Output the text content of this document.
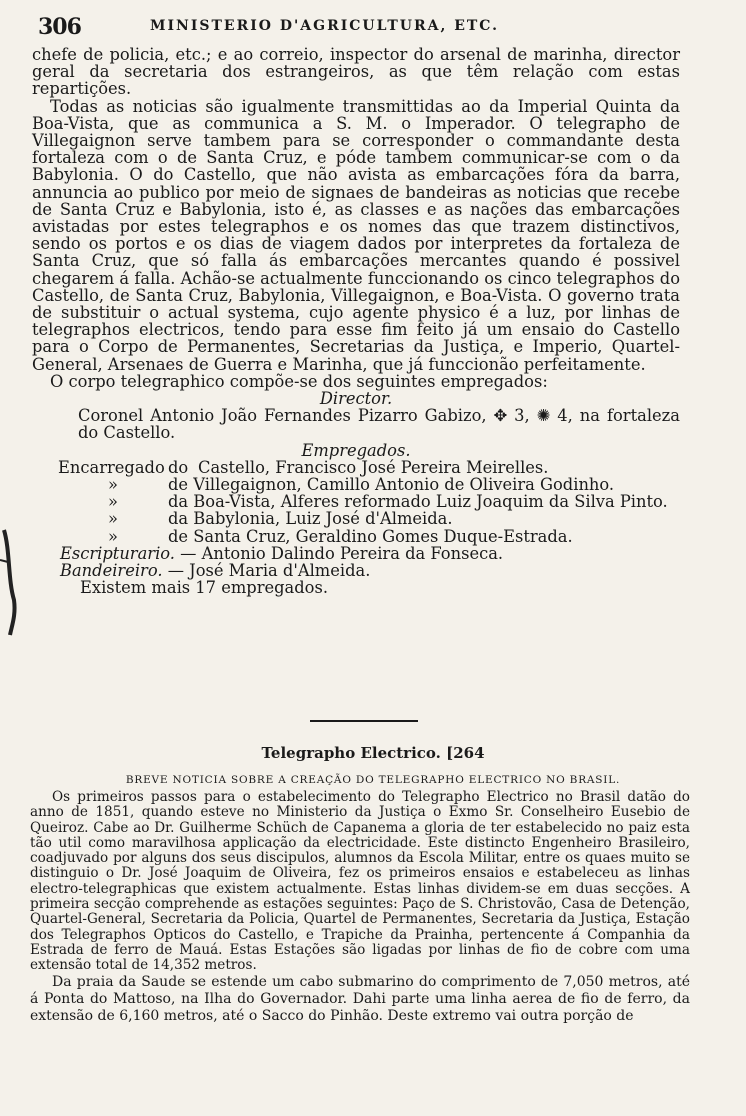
306	MINISTERIO D'AGRICULTURA, ETC.

chefe de policia, etc.; e ao correio, inspector do arsenal de marinha, director geral da secretaria dos estrangeiros, as que têm relação com estas repartições.

Todas as noticias são igualmente transmittidas ao da Imperial Quinta da Boa-Vista, que as communica a S. M. o Imperador. O telegrapho de Villegaignon serve tambem para se corresponder o commandante desta fortaleza com o de Santa Cruz, e póde tambem communicar-se com o da Babylonia. O do Castello, que não avista as embarcações fóra da barra, annuncia ao publico por meio de signaes de bandeiras as noticias que recebe de Santa Cruz e Babylonia, isto é, as classes e as nações das embarcações avistadas por estes telegraphos e os nomes das que trazem distinctivos, sendo os portos e os dias de viagem dados por interpretes da fortaleza de Santa Cruz, que só falla ás embarcações mercantes quando é possivel chegarem á falla. Achão-se actualmente funccionando os cinco telegraphos do Castello, de Santa Cruz, Babylonia, Villegaignon, e Boa-Vista. O governo trata de substituir o actual systema, cujo agente physico é a luz, por linhas de telegraphos electricos, tendo para esse fim feito já um ensaio do Castello para o Corpo de Permanentes, Secretarias da Justiça, e Imperio, Quartel-General, Arsenaes de Guerra e Marinha, que já funccionão perfeitamente.

O corpo telegraphico compõe-se dos seguintes empregados:

Director.

Coronel Antonio João Fernandes Pizarro Gabizo, ✥ 3, ✺ 4, na fortaleza do Castello.

Empregados.

Encarregado do Castello, Francisco José Pereira Meirelles.
»	de Villegaignon, Camillo Antonio de Oliveira Godinho.
»	da Boa-Vista, Alferes reformado Luiz Joaquim da Silva Pinto.
»	da Babylonia, Luiz José d'Almeida.
»	de Santa Cruz, Geraldino Gomes Duque-Estrada.

Escripturario. — Antonio Dalindo Pereira da Fonseca.

Bandeireiro. — José Maria d'Almeida.

Existem mais 17 empregados.

Telegrapho Electrico. [264
BREVE NOTICIA SOBRE A CREAÇÃO DO TELEGRAPHO ELECTRICO NO BRASIL.

Os primeiros passos para o estabelecimento do Telegrapho Electrico no Brasil datão do anno de 1851, quando esteve no Ministerio da Justiça o Exmo Sr. Conselheiro Eusebio de Queiroz. Cabe ao Dr. Guilherme Schüch de Capanema a gloria de ter estabelecido no paiz esta tão util como maravilhosa applicação da electricidade. Este distincto Engenheiro Brasileiro, coadjuvado por alguns dos seus discipulos, alumnos da Escola Militar, entre os quaes muito se distinguio o Dr. José Joaquim de Oliveira, fez os primeiros ensaios e estabeleceu as linhas electro-telegraphicas que existem actualmente. Estas linhas dividem-se em duas secções. A primeira secção comprehende as estações seguintes: Paço de S. Christovão, Casa de Detenção, Quartel-General, Secretaria da Policia, Quartel de Permanentes, Secretaria da Justiça, Estação dos Telegraphos Opticos do Castello, e Trapiche da Prainha, pertencente á Companhia da Estrada de ferro de Mauá. Estas Estações são ligadas por linhas de fio de cobre com uma extensão total de 14,352 metros.

Da praia da Saude se estende um cabo submarino do comprimento de 7,050 metros, até á Ponta do Mattoso, na Ilha do Governador. Dahi parte uma linha aerea de fio de ferro, da extensão de 6,160 metros, até o Sacco do Pinhão. Deste extremo vai outra porção de
